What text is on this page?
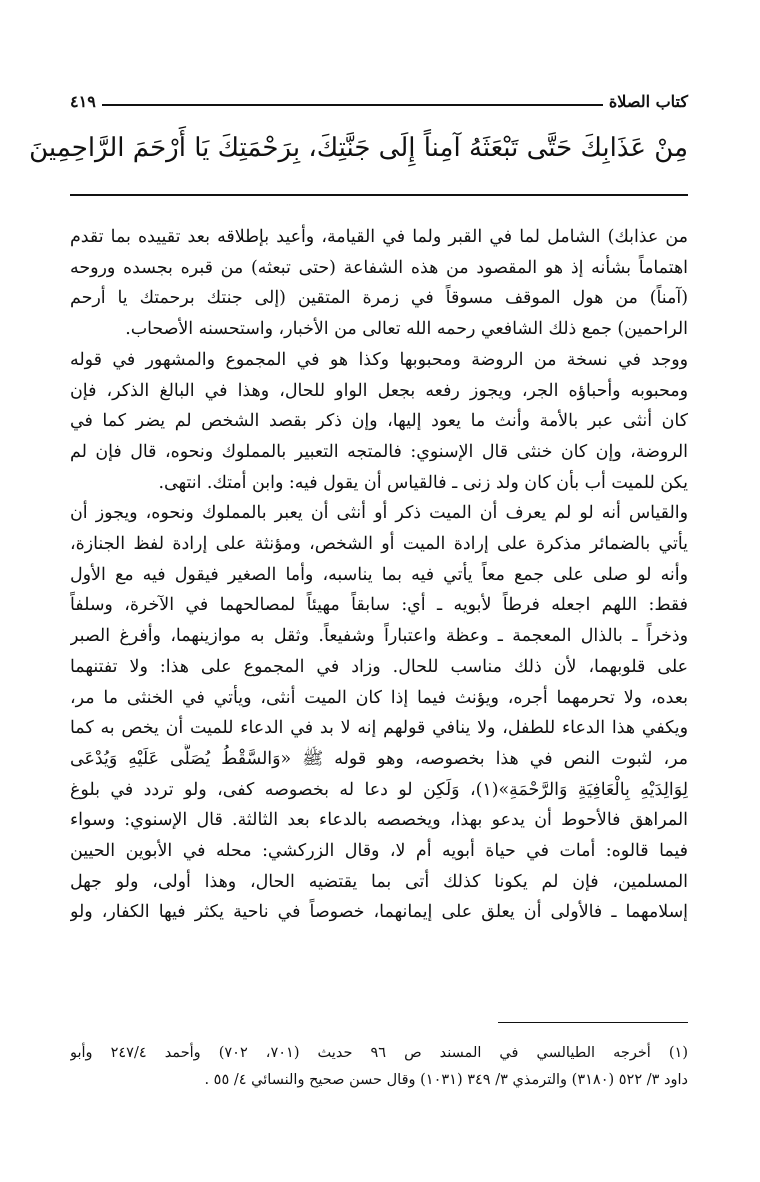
كتاب الصلاة
٤١٩
مِنْ عَذَابِكَ حَتَّى تَبْعَثَهُ آمِناً إِلَى جَنَّتِكَ، بِرَحْمَتِكَ يَا أَرْحَمَ الرَّاحِمِينَ

من عذابك) الشامل لما في القبر ولما في القيامة، وأعيد بإطلاقه بعد تقييده بما تقدم

اهتماماً بشأنه إذ هو المقصود من هذه الشفاعة (حتى تبعثه) من قبره بجسده وروحه

(آمناً) من هول الموقف مسوقاً في زمرة المتقين (إلى جنتك برحمتك يا أرحم

الراحمين) جمع ذلك الشافعي رحمه الله تعالى من الأخبار، واستحسنه الأصحاب.

ووجد في نسخة من الروضة ومحبوبها وكذا هو في المجموع والمشهور في قوله

ومحبوبه وأحباؤه الجر، ويجوز رفعه بجعل الواو للحال، وهذا في البالغ الذكر، فإن

كان أنثى عبر بالأمة وأنث ما يعود إليها، وإن ذكر بقصد الشخص لم يضر كما في

الروضة، وإن كان خنثى قال الإسنوي: فالمتجه التعبير بالمملوك ونحوه، قال فإن لم

يكن للميت أب بأن كان ولد زنى ـ فالقياس أن يقول فيه: وابن أمتك. انتهى.

والقياس أنه لو لم يعرف أن الميت ذكر أو أنثى أن يعبر بالمملوك ونحوه، ويجوز أن

يأتي بالضمائر مذكرة على إرادة الميت أو الشخص، ومؤنثة على إرادة لفظ الجنازة،

وأنه لو صلى على جمع معاً يأتي فيه بما يناسبه، وأما الصغير فيقول فيه مع الأول

فقط: اللهم اجعله فرطاً لأبويه ـ أي: سابقاً مهيئاً لمصالحهما في الآخرة، وسلفاً

وذخراً ـ بالذال المعجمة ـ وعظة واعتباراً وشفيعاً. وثقل به موازينهما، وأفرغ الصبر

على قلوبهما، لأن ذلك مناسب للحال. وزاد في المجموع على هذا: ولا تفتنهما

بعده، ولا تحرمهما أجره، ويؤنث فيما إذا كان الميت أنثى، ويأتي في الخنثى ما مر،

ويكفي هذا الدعاء للطفل، ولا ينافي قولهم إنه لا بد في الدعاء للميت أن يخص به كما

مر، لثبوت النص في هذا بخصوصه، وهو قوله ﷺ «وَالسَّقْطُ يُصَلَّى عَلَيْهِ وَيُدْعَى

لِوَالِدَيْهِ بِالْعَافِيَةِ وَالرَّحْمَةِ»(١)، وَلَكِن لو دعا له بخصوصه كفى، ولو تردد في بلوغ

المراهق فالأحوط أن يدعو بهذا، ويخصصه بالدعاء بعد الثالثة. قال الإسنوي: وسواء

فيما قالوه: أمات في حياة أبويه أم لا، وقال الزركشي: محله في الأبوين الحيين

المسلمين، فإن لم يكونا كذلك أتى بما يقتضيه الحال، وهذا أولى، ولو جهل

إسلامهما ـ فالأولى أن يعلق على إيمانهما، خصوصاً في ناحية يكثر فيها الكفار، ولو

(١) أخرجه الطيالسي في المسند ص ٩٦ حديث (٧٠١، ٧٠٢) وأحمد ٢٤٧/٤ وأبو

داود ٣/ ٥٢٢ (٣١٨٠) والترمذي ٣/ ٣٤٩ (١٠٣١) وقال حسن صحيح والنسائي ٤/ ٥٥ .
